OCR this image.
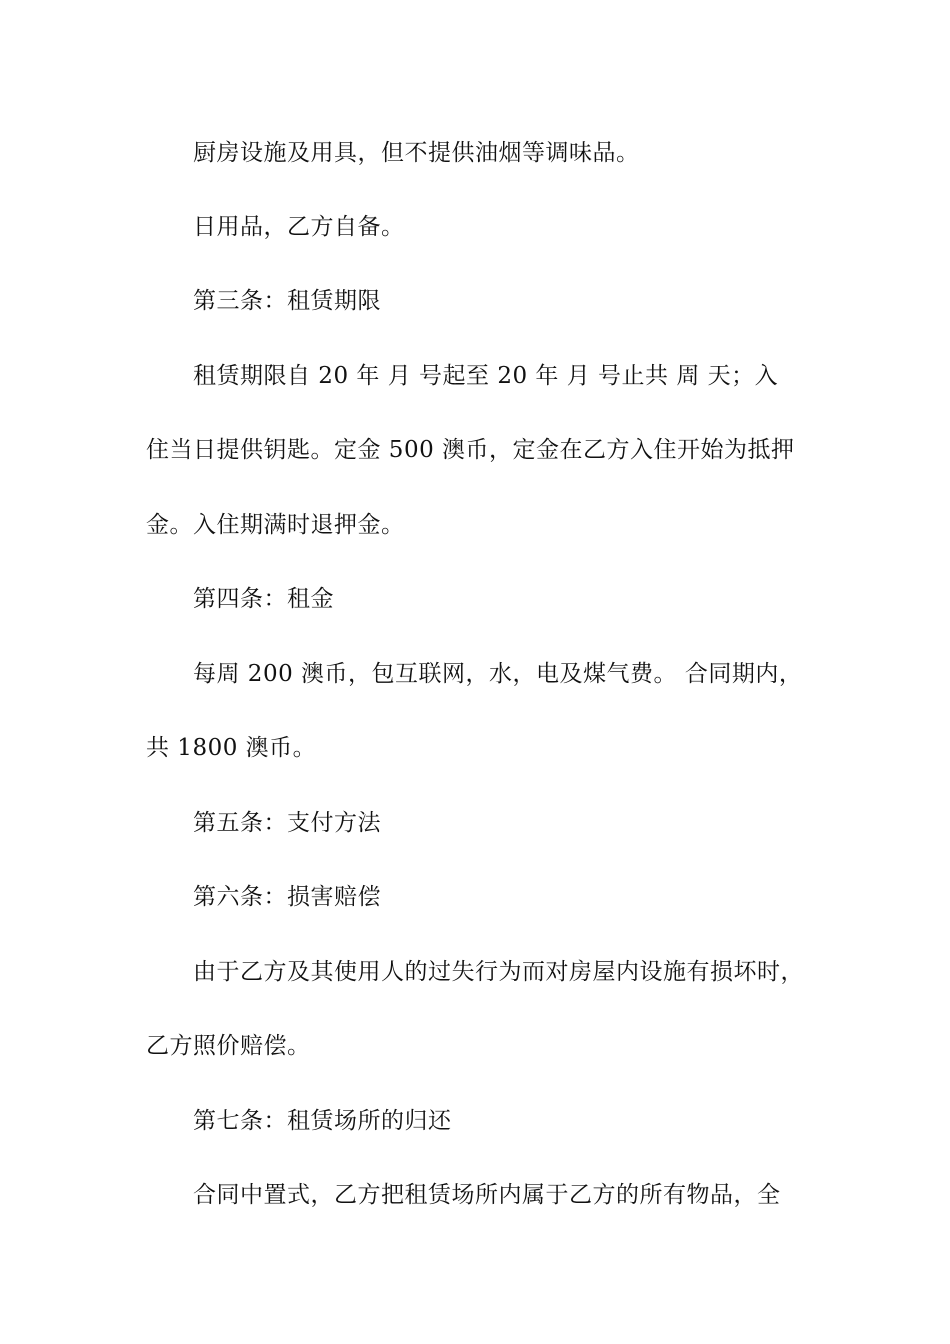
厨房设施及用具，但不提供油烟等调味品。
日用品，乙方自备。
第三条：租赁期限
租赁期限自 20 年 月 号起至 20 年 月 号止共 周 天；入
住当日提供钥匙。定金 500 澳币，定金在乙方入住开始为抵押
金。入住期满时退押金。
第四条：租金
每周 200 澳币，包互联网，水，电及煤气费。 合同期内，
共 1800 澳币。
第五条：支付方法
第六条：损害赔偿
由于乙方及其使用人的过失行为而对房屋内设施有损坏时，
乙方照价赔偿。
第七条：租赁场所的归还
合同中置式，乙方把租赁场所内属于乙方的所有物品，全
